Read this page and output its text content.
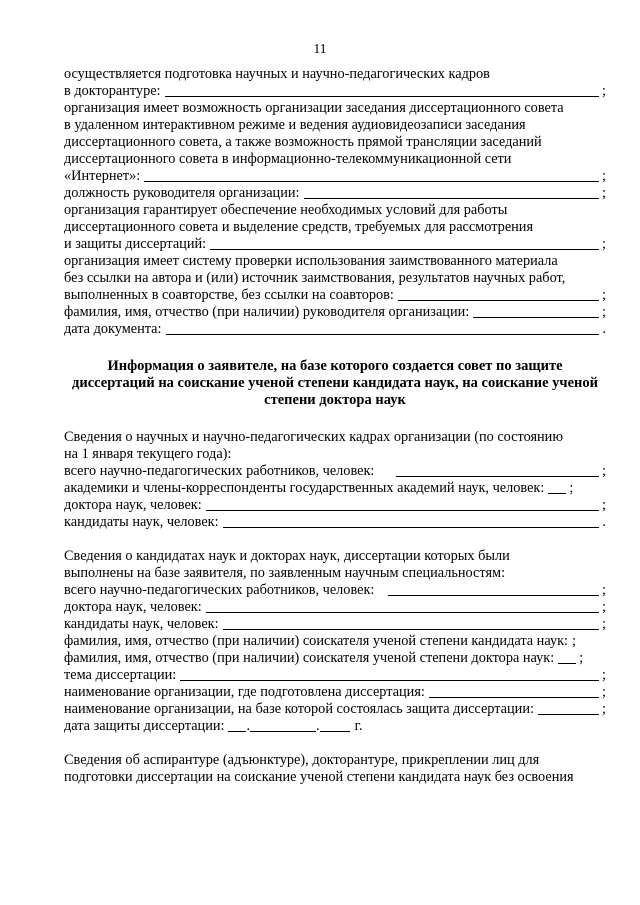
11
осуществляется подготовка научных и научно-педагогических кадров
в докторантуре:	;
организация имеет возможность организации заседания диссертационного совета
в удаленном интерактивном режиме и ведения аудиовидеозаписи заседания
диссертационного совета, а также возможность прямой трансляции заседаний
диссертационного совета в информационно-телекоммуникационной сети
«Интернет»:	;
должность руководителя организации:	;
организация гарантирует обеспечение необходимых условий для работы
диссертационного совета и выделение средств, требуемых для рассмотрения
и защиты диссертаций:	;
организация имеет систему проверки использования заимствованного материала
без ссылки на автора и (или) источник заимствования, результатов научных работ,
выполненных в соавторстве, без ссылки на соавторов:	;
фамилия, имя, отчество (при наличии) руководителя организации:	;
дата документа:	.
Информация о заявителе, на базе которого создается совет по защите
диссертаций на соискание ученой степени кандидата наук, на соискание ученой
степени доктора наук
Сведения о научных и научно-педагогических кадрах организации (по состоянию
на 1 января текущего года):
всего научно-педагогических работников, человек:	;
академики и члены-корреспонденты государственных академий наук, человек: ;
доктора наук, человек:	;
кандидаты наук, человек:	.
Сведения о кандидатах наук и докторах наук, диссертации которых были
выполнены на базе заявителя, по заявленным научным специальностям:
всего научно-педагогических работников, человек:	;
доктора наук, человек:	;
кандидаты наук, человек:	;
фамилия, имя, отчество (при наличии) соискателя ученой степени кандидата наук: ;
фамилия, имя, отчество (при наличии) соискателя ученой степени доктора наук: ;
тема диссертации:	;
наименование организации, где подготовлена диссертация:	;
наименование организации, на базе которой состоялась защита диссертации:	;
дата защиты диссертации: .	. г.
Сведения об аспирантуре (адъюнктуре), докторантуре, прикреплении лиц для
подготовки диссертации на соискание ученой степени кандидата наук без освоения
